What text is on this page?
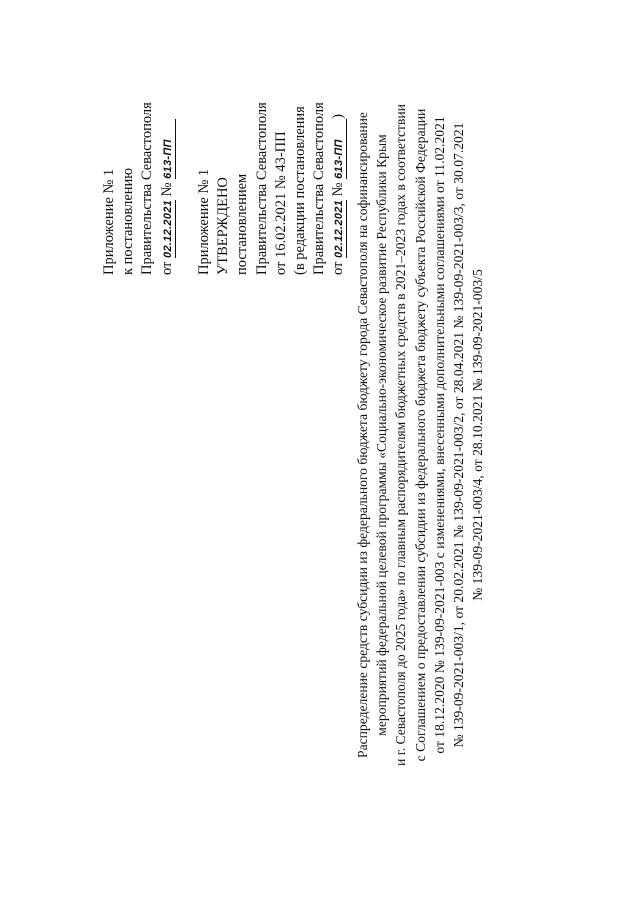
Приложение № 1 к постановлению Правительства Севастополя от 02.12.2021 № 613-ПП
Приложение № 1 УТВЕРЖДЕНО постановлением Правительства Севастополя от 16.02.2021 № 43-ПП (в редакции постановления Правительства Севастополя от 02.12.2021 № 613-ПП) Распределение средств субсидии из федерального бюджета бюджету города Севастополя на софинансирование мероприятий федеральной целевой программы «Социально-экономическое развитие Республики Крым и г. Севастополя до 2025 года» по главным распорядителям бюджетных средств в 2021–2023 годах в соответствии с Соглашением о предоставлении субсидии из федерального бюджета бюджету субъекта Российской Федерации от 18.12.2020 № 139-09-2021-003 с изменениями, внесенными дополнительными соглашениями от 11.02.2021 № 139-09-2021-003/1, от 20.02.2021 № 139-09-2021-003/2, от 28.04.2021 № 139-09-2021-003/3, от 30.07.2021 № 139-09-2021-003/4, от 28.10.2021 № 139-09-2021-003/5
